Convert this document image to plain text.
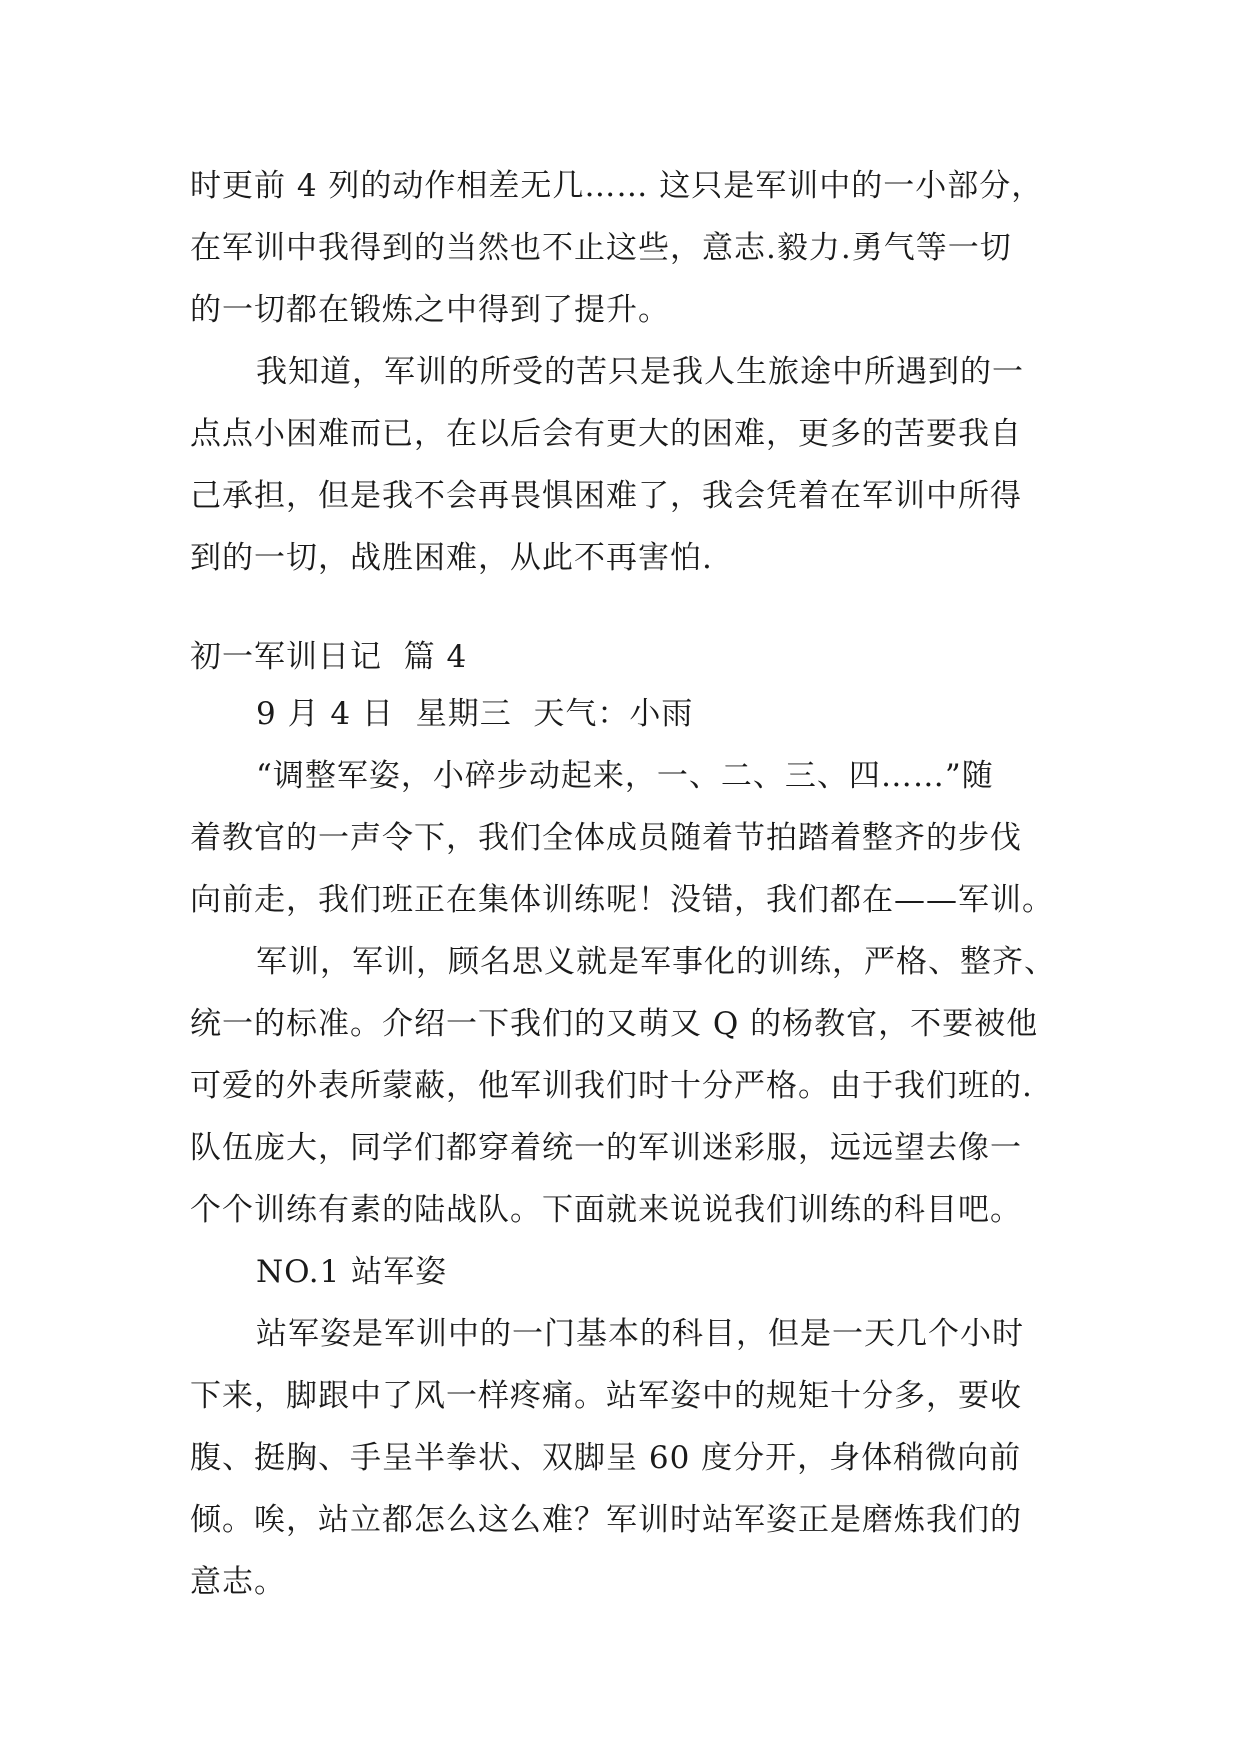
时更前 4 列的动作相差无几…… 这只是军训中的一小部分，
在军训中我得到的当然也不止这些，意志.毅力.勇气等一切
的一切都在锻炼之中得到了提升。
我知道，军训的所受的苦只是我人生旅途中所遇到的一
点点小困难而已，在以后会有更大的困难，更多的苦要我自
己承担，但是我不会再畏惧困难了，我会凭着在军训中所得
到的一切，战胜困难，从此不再害怕.
初一军训日记  篇 4
9 月 4 日  星期三  天气：小雨
“调整军姿，小碎步动起来，一、二、三、四……”随
着教官的一声令下，我们全体成员随着节拍踏着整齐的步伐
向前走，我们班正在集体训练呢！没错，我们都在——军训。
军训，军训，顾名思义就是军事化的训练，严格、整齐、
统一的标准。介绍一下我们的又萌又 Q 的杨教官，不要被他
可爱的外表所蒙蔽，他军训我们时十分严格。由于我们班的.
队伍庞大，同学们都穿着统一的军训迷彩服，远远望去像一
个个训练有素的陆战队。下面就来说说我们训练的科目吧。
NO.1 站军姿
站军姿是军训中的一门基本的科目，但是一天几个小时
下来，脚跟中了风一样疼痛。站军姿中的规矩十分多，要收
腹、挺胸、手呈半拳状、双脚呈 60 度分开，身体稍微向前
倾。唉，站立都怎么这么难？军训时站军姿正是磨炼我们的
意志。
